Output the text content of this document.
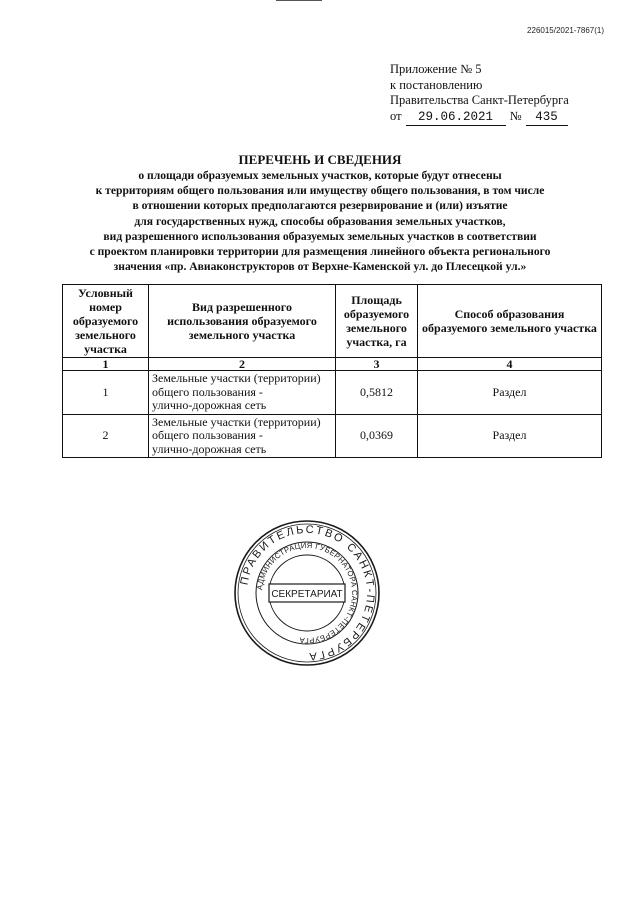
226015/2021-7867(1)
Приложение № 5
к постановлению
Правительства Санкт-Петербурга
от	29.06.2021	№	435
ПЕРЕЧЕНЬ И СВЕДЕНИЯ
о площади образуемых земельных участков, которые будут отнесены
к территориям общего пользования или имуществу общего пользования, в том числе
в отношении которых предполагаются резервирование и (или) изъятие
для государственных нужд, способы образования земельных участков,
вид разрешенного использования образуемых земельных участков в соответствии
с проектом планировки территории для размещения линейного объекта регионального
значения «пр. Авиаконструкторов от Верхне-Каменской ул. до Плесецкой ул.»
Условный номер образуемого земельного участка	Вид разрешенного использования образуемого земельного участка	Площадь образуемого земельного участка, га	Способ образования образуемого земельного участка
1	2	3	4
1	Земельные участки (территории)
общего пользования -
улично-дорожная сеть	0,5812	Раздел
2	Земельные участки (территории)
общего пользования -
улично-дорожная сеть	0,0369	Раздел
ПРАВИТЕЛЬСТВО САНКТ-ПЕТЕРБУРГА
АДМИНИСТРАЦИЯ ГУБЕРНАТОРА САНКТ-ПЕТЕРБУРГА
СЕКРЕТАРИАТ
